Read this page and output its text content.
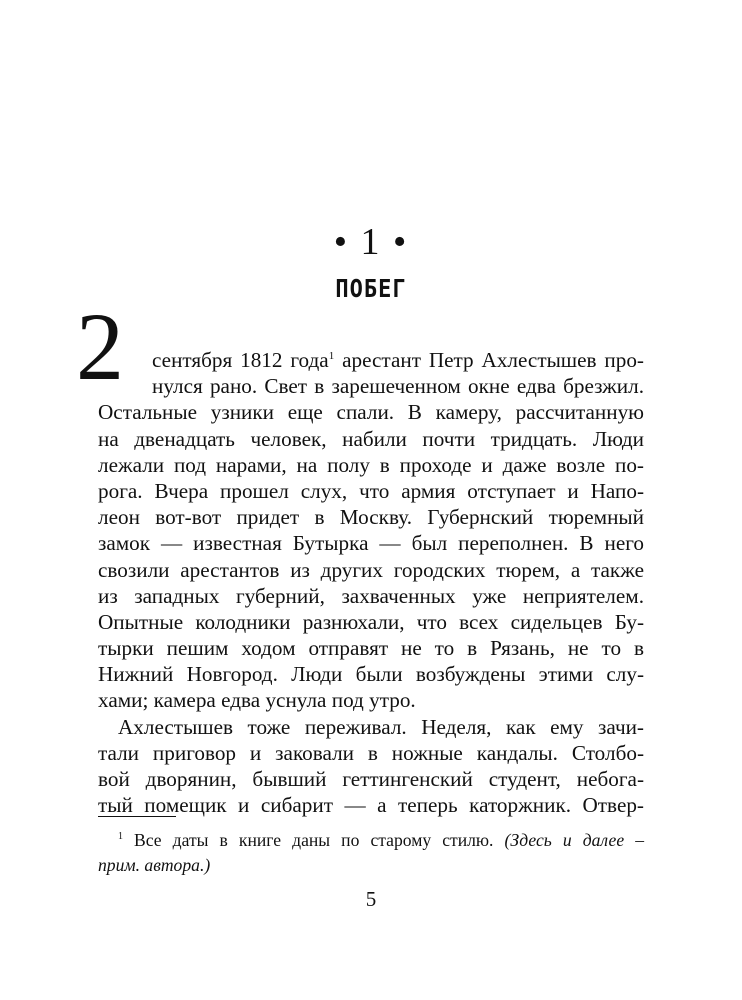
• 1 •
ПОБЕГ
2	сентября 1812 года$^1$ арестант Петр Ахлестышев про-
нулся рано. Свет в зарешеченном окне едва брезжил.
Остальные узники еще спали. В камеру, рассчитанную
на двенадцать человек, набили почти тридцать. Люди
лежали под нарами, на полу в проходе и даже возле по-
рога. Вчера прошел слух, что армия отступает и Напо-
леон вот-вот придет в Москву. Губернский тюремный
замок — известная Бутырка — был переполнен. В него
свозили арестантов из других городских тюрем, а также
из западных губерний, захваченных уже неприятелем.
Опытные колодники разнюхали, что всех сидельцев Бу-
тырки пешим ходом отправят не то в Рязань, не то в
Нижний Новгород. Люди были возбуждены этими слу-
хами; камера едва уснула под утро.
Ахлестышев тоже переживал. Неделя, как ему зачи-
тали приговор и заковали в ножные кандалы. Столбо-
вой дворянин, бывший геттингенский студент, небога-
тый помещик и сибарит — а теперь каторжник. Отвер-
$^1$ Все даты в книге даны по старому стилю. (Здесь и далее –
прим. автора.)
5
